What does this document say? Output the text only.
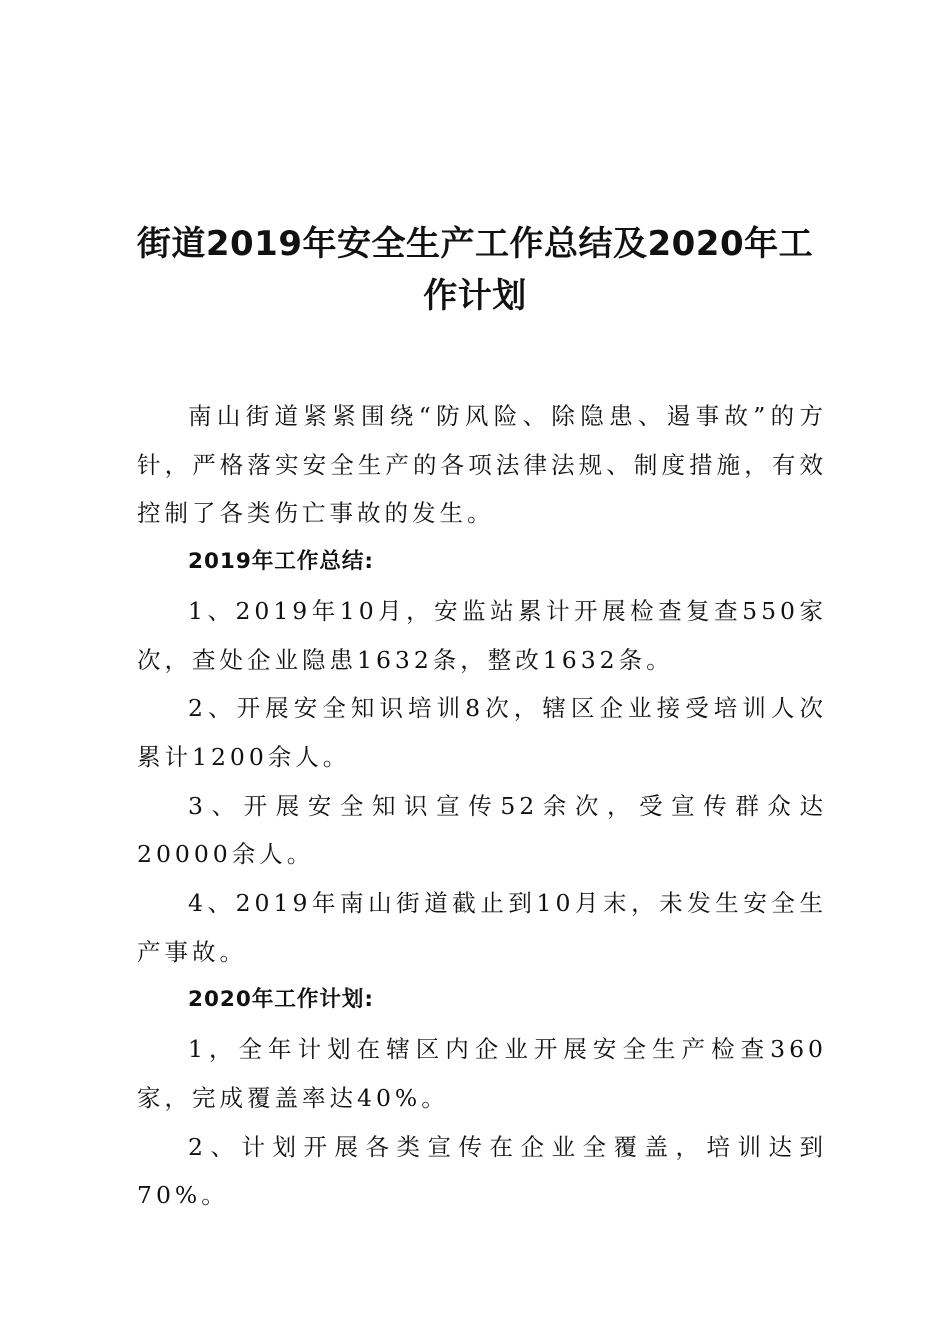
街道2019年安全生产工作总结及2020年工作计划

南山街道紧紧围绕“防风险、除隐患、遏事故”的方针，严格落实安全生产的各项法律法规、制度措施，有效控制了各类伤亡事故的发生。

2019年工作总结:

1、2019年10月，安监站累计开展检查复查550家次，查处企业隐患1632条，整改1632条。

2、开展安全知识培训8次，辖区企业接受培训人次累计1200余人。

3、开展安全知识宣传52余次，受宣传群众达20000余人。

4、2019年南山街道截止到10月末，未发生安全生产事故。

2020年工作计划:

1，全年计划在辖区内企业开展安全生产检查360家，完成覆盖率达40%。

2、计划开展各类宣传在企业全覆盖，培训达到70%。
